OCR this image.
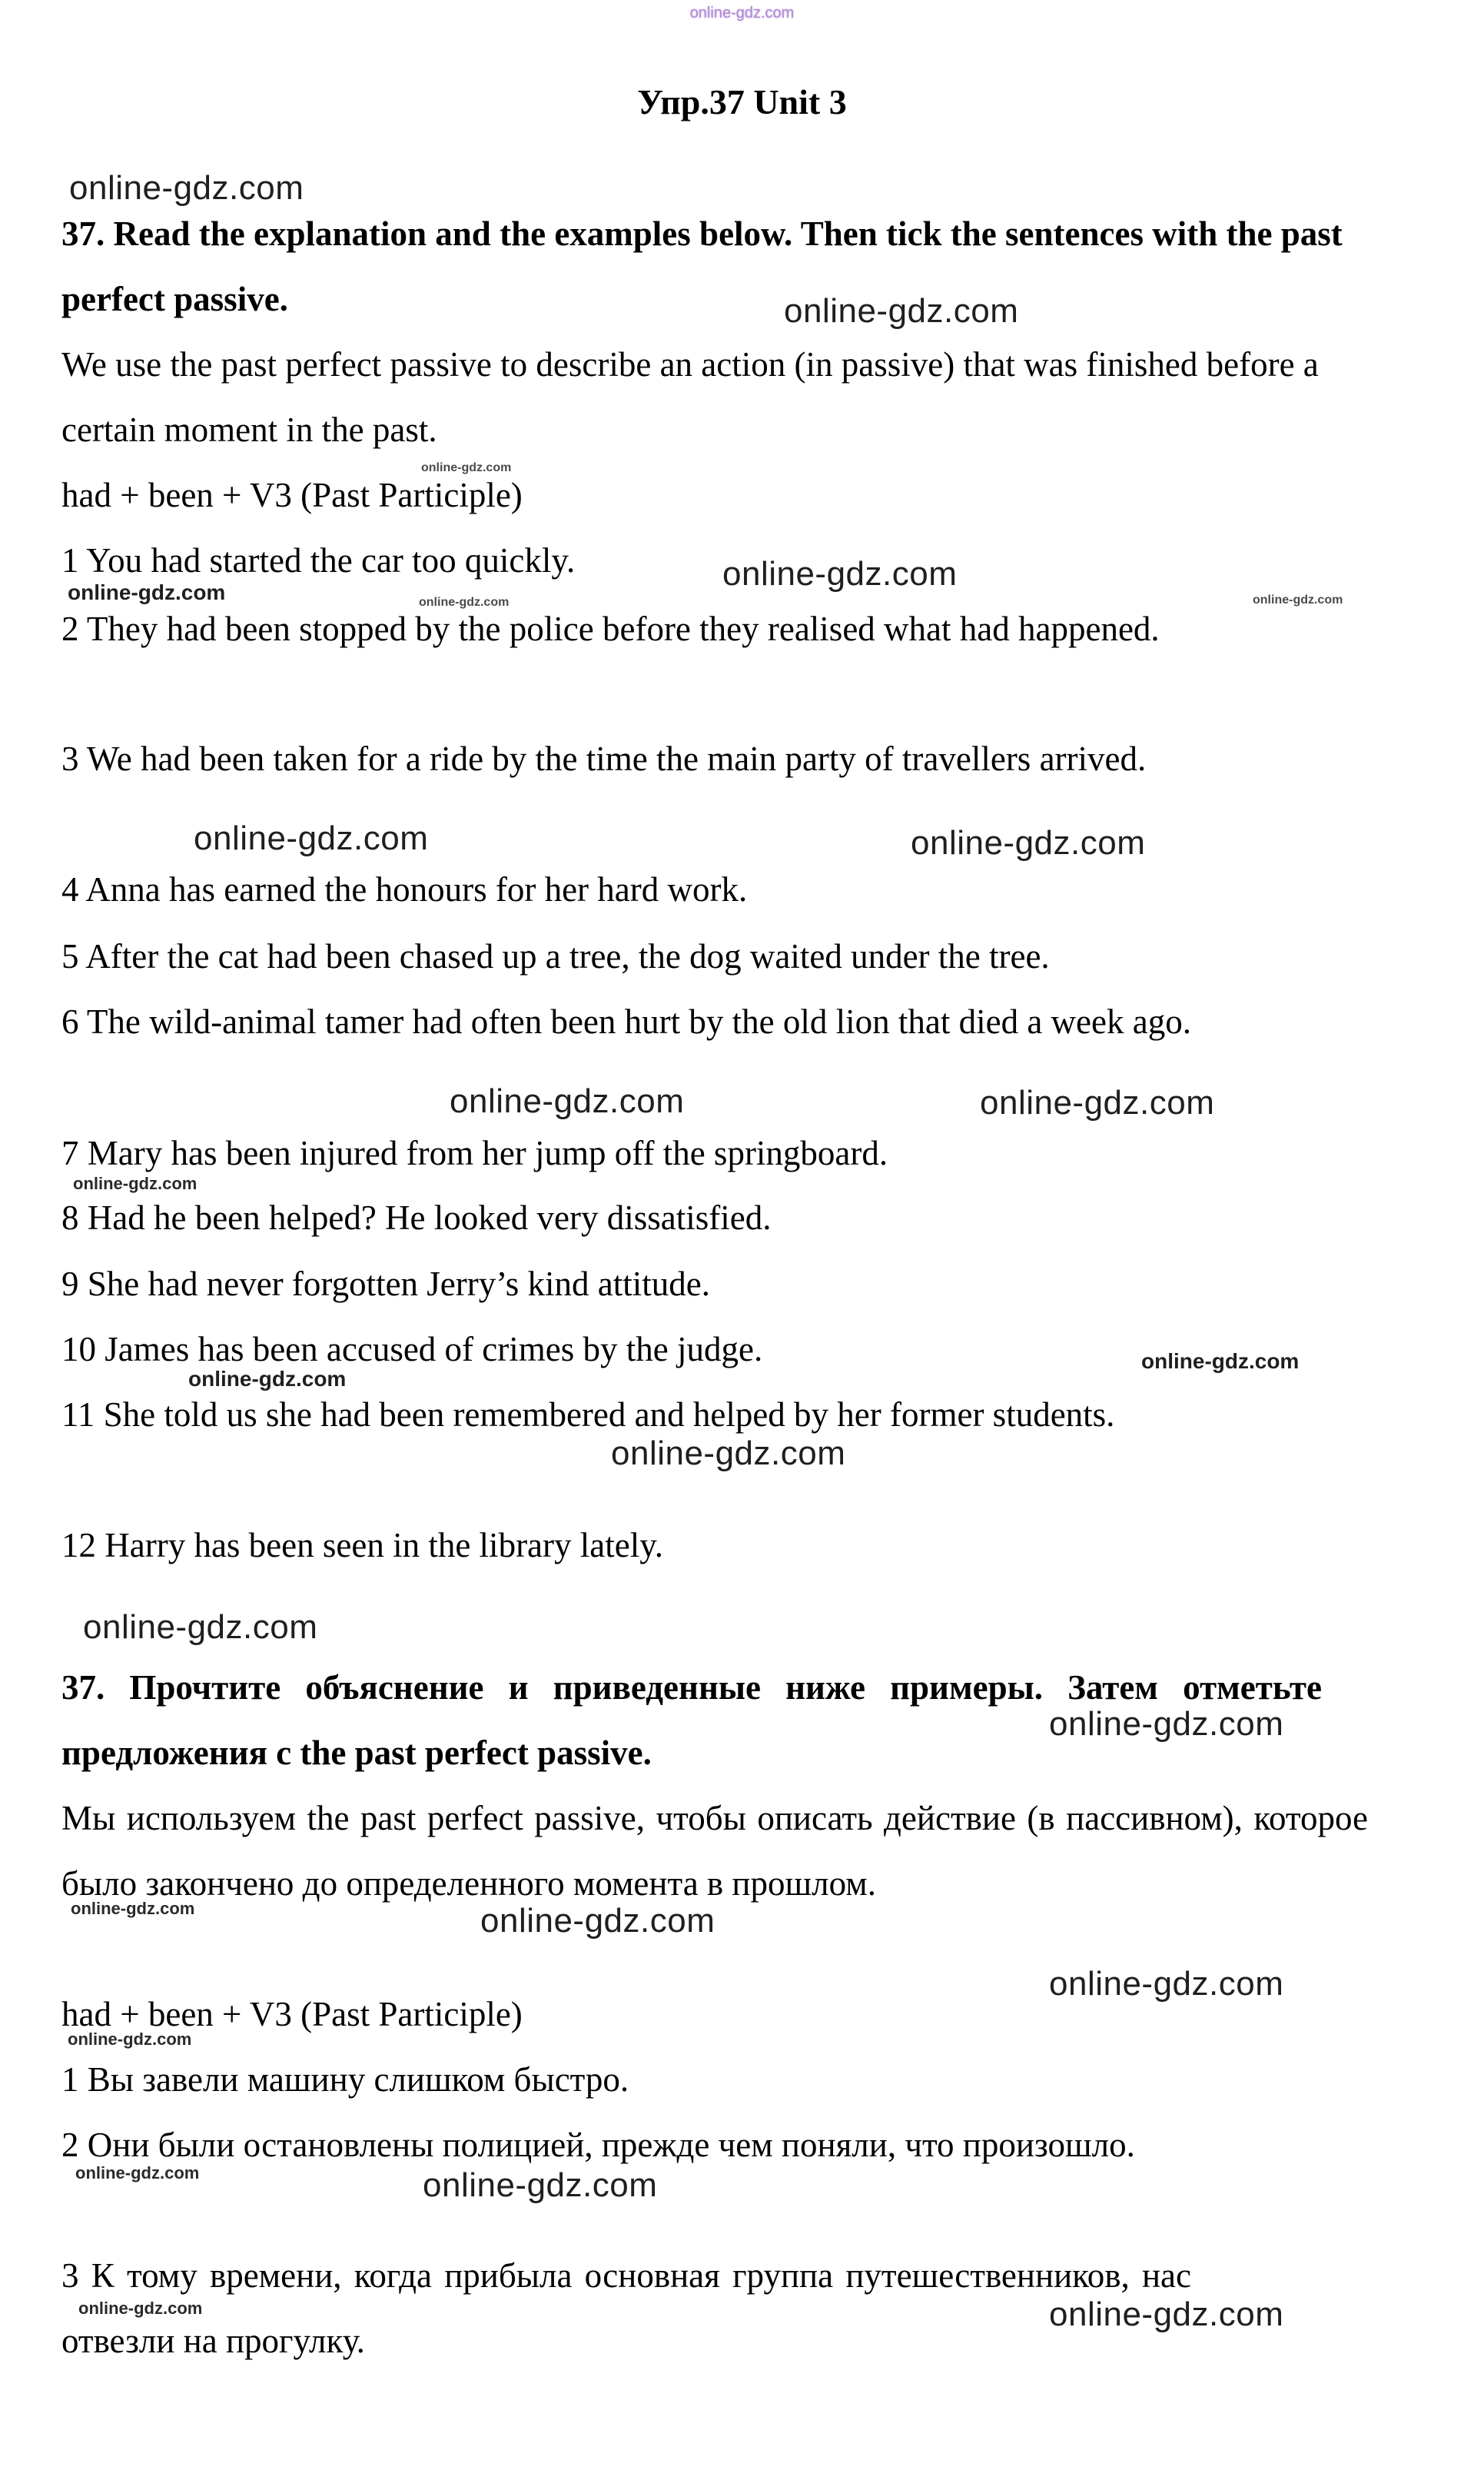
online-gdz.com

Упр.37 Unit 3

37. Read the explanation and the examples below. Then tick the sentences with the past perfect passive.

We use the past perfect passive to describe an action (in passive) that was finished before a certain moment in the past.

had + been + V3 (Past Participle)

1 You had started the car too quickly.

2 They had been stopped by the police before they realised what had happened.

3 We had been taken for a ride by the time the main party of travellers arrived.

4 Anna has earned the honours for her hard work.

5 After the cat had been chased up a tree, the dog waited under the tree.

6 The wild-animal tamer had often been hurt by the old lion that died a week ago.

7 Mary has been injured from her jump off the springboard.

8 Had he been helped? He looked very dissatisfied.

9 She had never forgotten Jerry’s kind attitude.

10 James has been accused of crimes by the judge.

11 She told us she had been remembered and helped by her former students.

12 Harry has been seen in the library lately.

37. Прочтите объяснение и приведенные ниже примеры. Затем отметьте предложения с the past perfect passive.

Мы используем the past perfect passive, чтобы описать действие (в пассивном), которое было закончено до определенного момента в прошлом.

had + been + V3 (Past Participle)

1 Вы завели машину слишком быстро.

2 Они были остановлены полицией, прежде чем поняли, что произошло.

3 К тому времени, когда прибыла основная группа путешественников, нас отвезли на прогулку.

online-gdz.com
online-gdz.com
online-gdz.com
online-gdz.com
online-gdz.com	online-gdz.com	online-gdz.com
online-gdz.com	online-gdz.com
online-gdz.com	online-gdz.com
online-gdz.com
online-gdz.com
online-gdz.com
online-gdz.com
online-gdz.com
online-gdz.com
online-gdz.com	online-gdz.com
online-gdz.com
online-gdz.com
online-gdz.com	online-gdz.com
online-gdz.com	online-gdz.com
